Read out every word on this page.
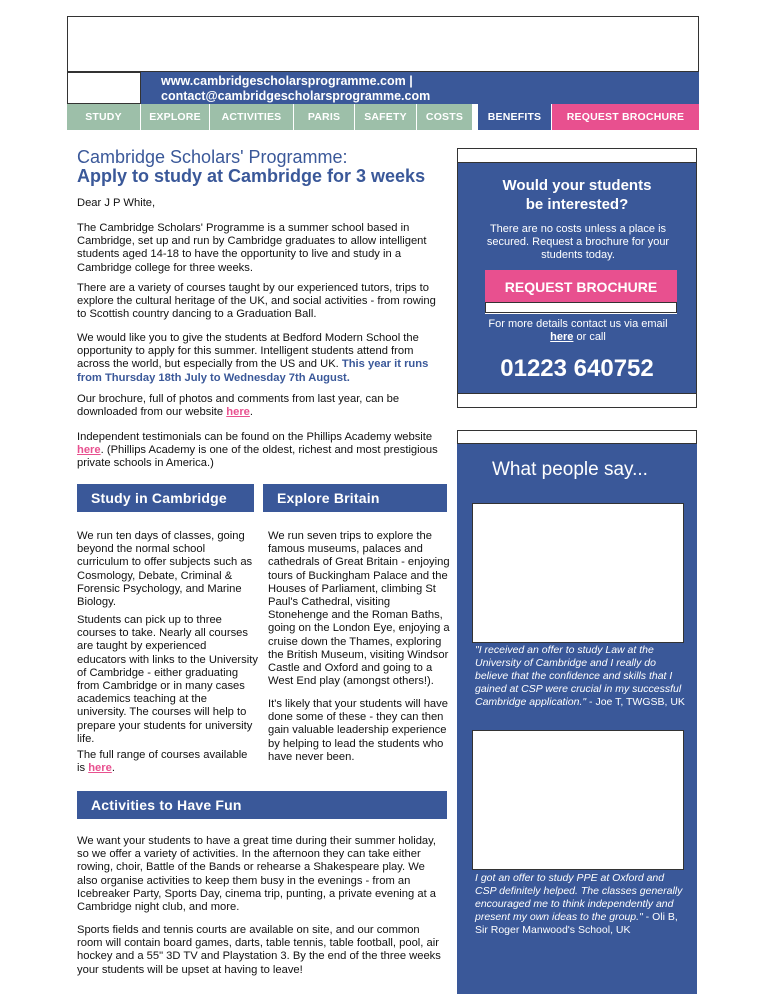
www.cambridgescholarsprogramme.com |
contact@cambridgescholarsprogramme.com
STUDY	EXPLORE	ACTIVITIES	PARIS	SAFETY	COSTS	BENEFITS	REQUEST BROCHURE
Cambridge Scholars' Programme:
Apply to study at Cambridge for 3 weeks
Dear J P White,
The Cambridge Scholars' Programme is a summer school based in Cambridge, set up and run by Cambridge graduates to allow intelligent students aged 14-18 to have the opportunity to live and study in a Cambridge college for three weeks.
There are a variety of courses taught by our experienced tutors, trips to explore the cultural heritage of the UK, and social activities - from rowing to Scottish country dancing to a Graduation Ball.
We would like you to give the students at Bedford Modern School the opportunity to apply for this summer. Intelligent students attend from across the world, but especially from the US and UK. This year it runs from Thursday 18th July to Wednesday 7th August.
Our brochure, full of photos and comments from last year, can be downloaded from our website here.
Independent testimonials can be found on the Phillips Academy website here. (Phillips Academy is one of the oldest, richest and most prestigious private schools in America.)
Study in Cambridge	Explore Britain
We run ten days of classes, going beyond the normal school curriculum to offer subjects such as Cosmology, Debate, Criminal & Forensic Psychology, and Marine Biology.
Students can pick up to three courses to take. Nearly all courses are taught by experienced educators with links to the University of Cambridge - either graduating from Cambridge or in many cases academics teaching at the university. The courses will help to prepare your students for university life.
The full range of courses available is here.
We run seven trips to explore the famous museums, palaces and cathedrals of Great Britain - enjoying tours of Buckingham Palace and the Houses of Parliament, climbing St Paul's Cathedral, visiting Stonehenge and the Roman Baths, going on the London Eye, enjoying a cruise down the Thames, exploring the British Museum, visiting Windsor Castle and Oxford and going to a West End play (amongst others!).
It's likely that your students will have done some of these - they can then gain valuable leadership experience by helping to lead the students who have never been.
Activities to Have Fun
We want your students to have a great time during their summer holiday, so we offer a variety of activities. In the afternoon they can take either rowing, choir, Battle of the Bands or rehearse a Shakespeare play. We also organise activities to keep them busy in the evenings - from an Icebreaker Party, Sports Day, cinema trip, punting, a private evening at a Cambridge night club, and more.
Sports fields and tennis courts are available on site, and our common room will contain board games, darts, table tennis, table football, pool, air hockey and a 55" 3D TV and Playstation 3. By the end of the three weeks your students will be upset at having to leave!
Would your students be interested?
There are no costs unless a place is secured. Request a brochure for your students today.
REQUEST BROCHURE
For more details contact us via email here or call
01223 640752
What people say...
"I received an offer to study Law at the University of Cambridge and I really do believe that the confidence and skills that I gained at CSP were crucial in my successful Cambridge application." - Joe T, TWGSB, UK
I got an offer to study PPE at Oxford and CSP definitely helped. The classes generally encouraged me to think independently and present my own ideas to the group." - Oli B, Sir Roger Manwood's School, UK
